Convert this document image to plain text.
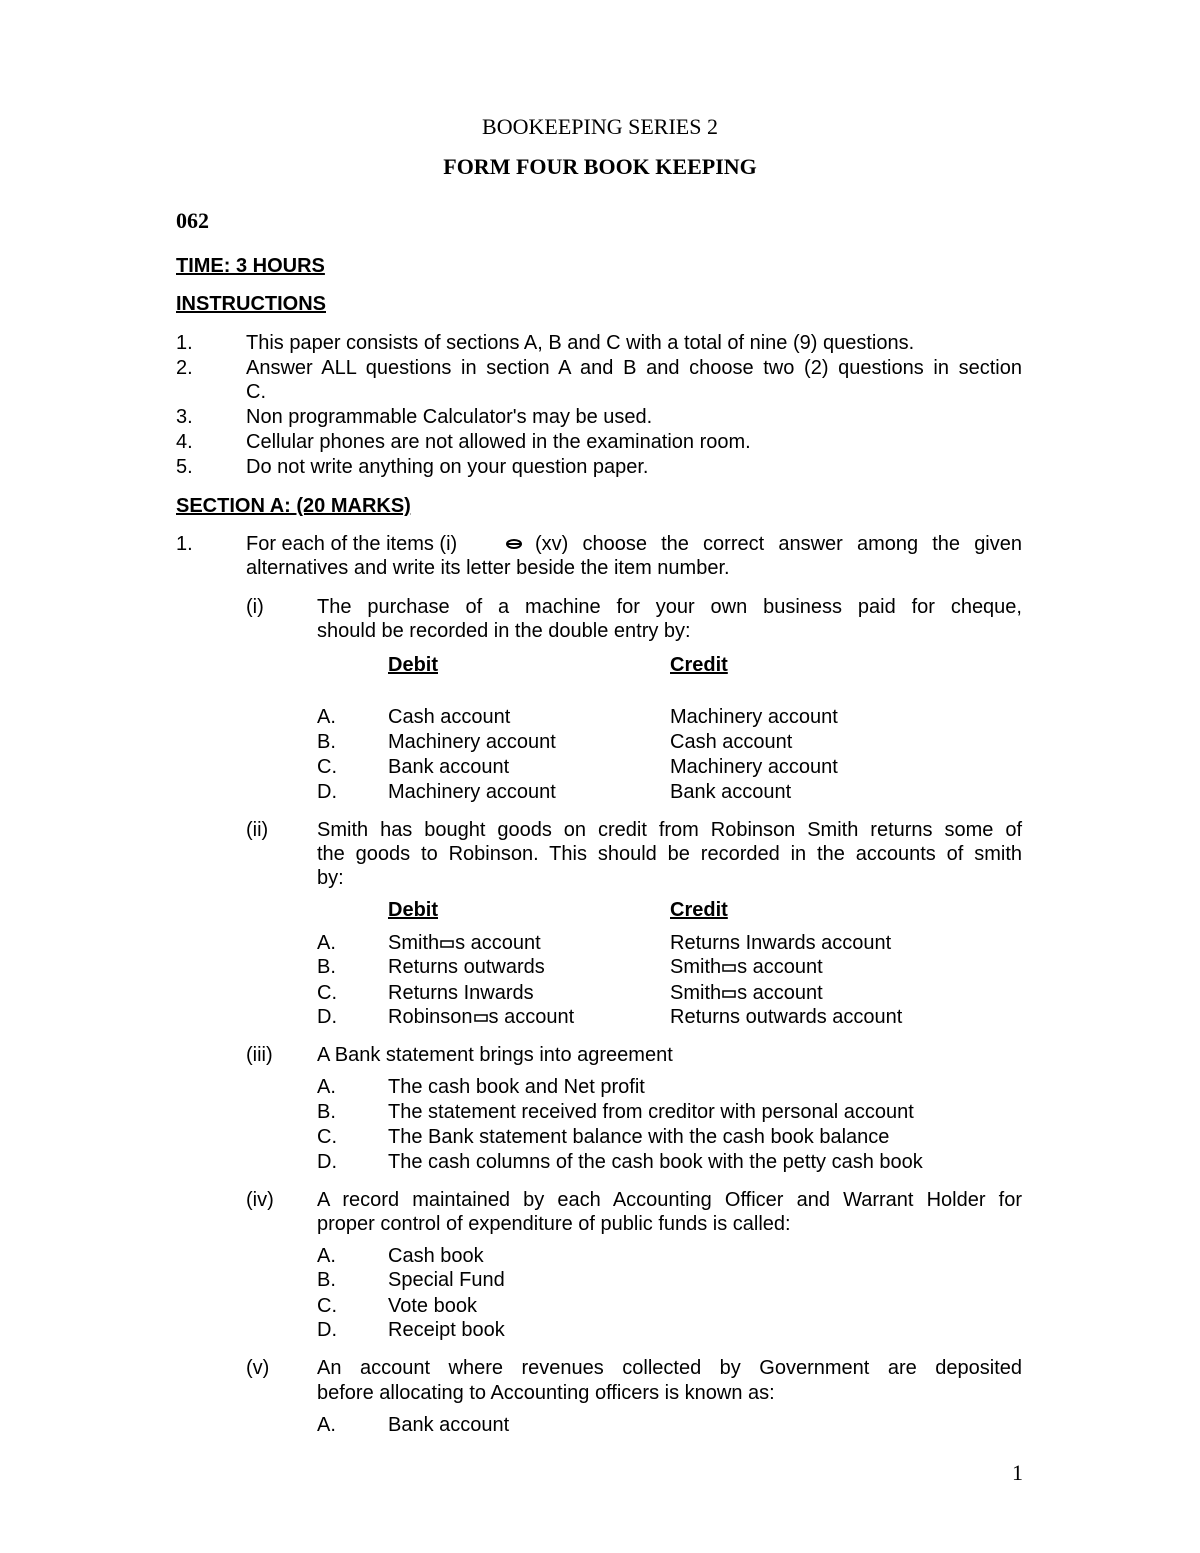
BOOKEEPING SERIES 2
FORM FOUR BOOK KEEPING
062
TIME: 3 HOURS
INSTRUCTIONS
1.	This paper consists of sections A, B and C with a total of nine (9) questions.
2.	Answer ALL questions in section A and B and choose two (2) questions in section
C.
3.	Non programmable Calculator's may be used.
4.	Cellular phones are not allowed in the examination room.
5.	Do not write anything on your question paper.
SECTION A: (20 MARKS)
1.	For each of the items (i)	(xv) choose the correct answer among the given
alternatives and write its letter beside the item number.
(i)	The purchase of a machine for your own business paid for cheque,
should be recorded in the double entry by:
Debit	Credit
A.	Cash account	Machinery account
B.	Machinery account	Cash account
C.	Bank account	Machinery account
D.	Machinery account	Bank account
(ii) Smith has bought goods on credit from Robinson Smith returns some of
the goods to Robinson. This should be recorded in the accounts of smith
by:
Debit	Credit
A.	Smith s account	Returns Inwards account
B.	Returns outwards	Smith s account
C.	Returns Inwards	Smith s account
D.	Robinson s account	Returns outwards account
(iii) A Bank statement brings into agreement
A.	The cash book and Net profit
B.	The statement received from creditor with personal account
C.	The Bank statement balance with the cash book balance
D.	The cash columns of the cash book with the petty cash book
(iv) A record maintained by each Accounting Officer and Warrant Holder for
proper control of expenditure of public funds is called:
A.	Cash book
B.	Special Fund
C.	Vote book
D.	Receipt book
(v) An account where revenues collected by Government are deposited
before allocating to Accounting officers is known as:
A.	Bank account
1
